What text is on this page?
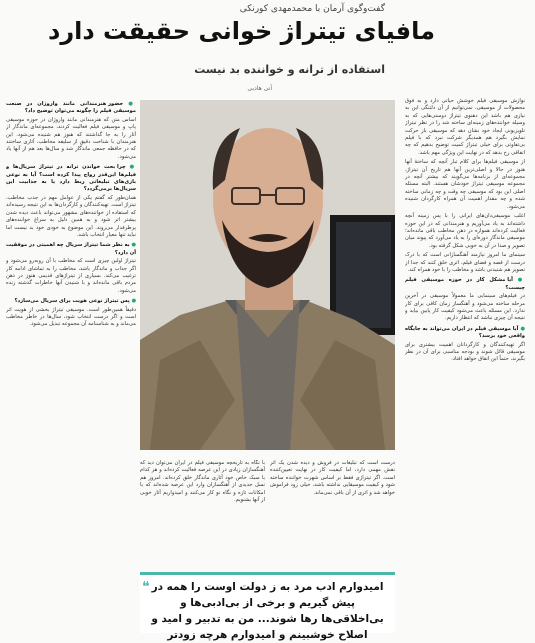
گفت‌وگوی آرمان با محمدمهدی کورنکی
مافیای تیتراژ خوانی حقیقت دارد
استفاده از ترانه و خواننده بد نیست
آنی هادبی
نوازش موسیقی فیلم خوشش حیاتی دارد و به فوق محصولات از موسیقی، نمی‌توانیم از آن دلتنگی این به نیازی هم باشد این دهنوی تیتراژ دوستی‌هایی که به وسیله خواننده‌های زمینه‌ای ساخته شد را در نظر تیتراژ تلویزیونی ایجاد خود نشان دهد که موسیقی باز حرکت نمایش بگیرد هم همدیگر شرکت نبرد که با فیلم بی‌تفاوتی برای خیلی تیتراژ کمیت توضیح بدهیم که چه اتفاقی رخ بدهد که در نهایت این ویژگی مهم باشد.
از موسیقی فیلم‌ها برای کلام تبار آنچه که ساختهٔ آنها هنوز در حالا و اصلی‌ترین آنها هم تاریخ آن تیتراژ، مجموعه‌ای از برنامه‌ها می‌گویند که بیشتر آنچه در مجموعه موسیقی تیتراژ خودشان هستند. البته مسئله اصلی این بود که موسیقی چه وقت و چه زمانی ساخته شده و چه مقدار اهمیت آن همراه کارگردان شنیده می‌شود.
اغلب موسیقی‌دان‌های ایرانی را با پس زمینه آنچه داشته‌اند به یاد می‌آوریم و هنرمندانی که در این حوزه فعالیت کرده‌اند همواره در ذهن مخاطب باقی مانده‌اند؛ موسیقی ماندگار دوره‌ای را به یاد می‌آورد که پیوند میان تصویر و صدا در آن به خوبی شکل گرفته بود.
سینمای ما امروز نیازمند آهنگسازانی است که با درک درست از قصه و فضای فیلم، اثری خلق کنند که جدا از تصویر هم شنیدنی باشد و مخاطب را با خود همراه کند.
● آیا مشکل کار در حوزه موسیقی فیلم چیست؟
در فیلم‌های سینمایی ما معمولاً موسیقی در آخرین مرحله ساخته می‌شود و آهنگساز زمان کافی برای کار ندارد. این مسئله باعث می‌شود کیفیت کار پایین بیاید و نتیجه آن چیزی نباشد که انتظار داریم.
● آیا موسیقی فیلم در ایران می‌تواند به جایگاه واقعی خود برسد؟
اگر تهیه‌کنندگان و کارگردانان اهمیت بیشتری برای موسیقی قائل شوند و بودجه مناسبی برای آن در نظر بگیرند، حتماً این اتفاق خواهد افتاد.
● حضور هنرمندانی مانند واروژان در صنعت موسیقی فیلم را چگونه می‌توان توضیح داد؟
اساس متن که هنرمندانی مانند واروژان در حوزه موسیقی پاپ و موسیقی فیلم فعالیت کردند، مجموعه‌ای ماندگار از آثار را به جا گذاشتند که هنوز هم شنیده می‌شود. این هنرمندان با شناخت دقیق از سلیقه مخاطب، آثاری ساختند که در حافظه جمعی ماندگار شد و سال‌ها بعد هم از آنها یاد می‌شود.
● چرا بحث خواندن ترانه در تیتراژ سریال‌ها و فیلم‌ها این‌قدر رواج پیدا کرده است؟ آیا به نوعی بازی‌های تبلیغاتی ربط دارد یا به جذابیت این سریال‌ها برمی‌گردد؟
همان‌طور که گفتم یکی از عوامل مهم در جذب مخاطب، تیتراژ است. تهیه‌کنندگان و کارگردان‌ها به این نتیجه رسیده‌اند که استفاده از خواننده‌های مشهور می‌تواند باعث دیده شدن بیشتر اثر شود و به همین دلیل به سراغ خواننده‌های پرطرفدار می‌روند. این موضوع به خودی خود بد نیست اما نباید تنها معیار انتخاب باشد.
● به نظر شما تیتراژ سریال چه اهمیتی در موفقیت آن دارد؟
تیتراژ اولین چیزی است که مخاطب با آن روبه‌رو می‌شود و اگر جذاب و ماندگار باشد، مخاطب را به تماشای ادامه کار ترغیب می‌کند. بسیاری از تیتراژهای قدیمی هنوز در ذهن مردم باقی مانده‌اند و با شنیدن آنها خاطرات گذشته زنده می‌شود.
● پس تیتراژ نوعی هویت برای سریال می‌سازد؟
دقیقاً همین‌طور است. موسیقی تیتراژ بخشی از هویت اثر است و اگر درست انتخاب شود، سال‌ها در خاطر مخاطب می‌ماند و به شناسنامه آن مجموعه تبدیل می‌شود.
با نگاه به تاریخچه موسیقی فیلم در ایران می‌توان دید که آهنگسازان زیادی در این عرصه فعالیت کرده‌اند و هر کدام با سبک خاص خود آثاری ماندگار خلق کرده‌اند. امروز هم نسل جدیدی از آهنگسازان وارد این عرصه شده‌اند که با امکانات تازه و نگاه نو کار می‌کنند و امیدواریم آثار خوبی از آنها بشنویم.
درست است که تبلیغات در فروش و دیده شدن یک اثر نقش مهمی دارد، اما کیفیت کار در نهایت تعیین‌کننده است. اگر تیتراژی فقط بر اساس شهرت خواننده ساخته شود و کیفیت موسیقایی نداشته باشد، خیلی زود فراموش خواهد شد و اثری از آن باقی نمی‌ماند.
❝ امیدوارم ادب مرد به ز دولت اوست را همه در پیش گیریم و برخی از بی‌ادبی‌ها و بی‌اخلاقی‌ها رها شوند... من به تدبیر و امید و اصلاح خوشبینم و امیدوارم هرچه زودتر
